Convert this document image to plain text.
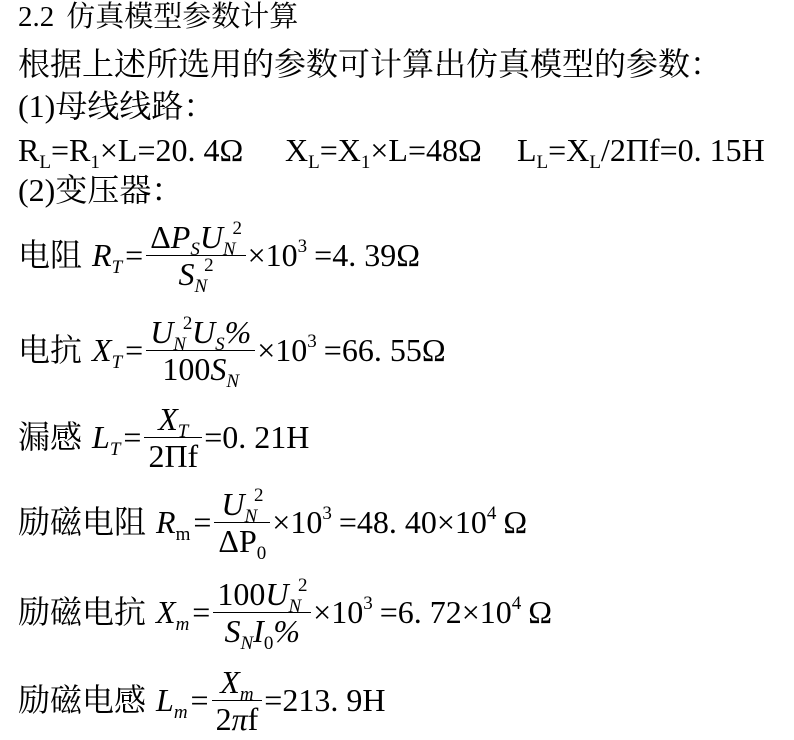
2.2 仿真模型参数计算
根据上述所选用的参数可计算出仿真模型的参数：
(1)母线线路：
R L = R 1 ×L=20. 4Ω X L = X 1 ×L=48Ω L L = X L /2Πf=0. 15H
(2)变压器：
电阻 R T = Δ P S U N
2
S N
2 ×10 3 =4. 39Ω
电抗 X T = U N
2 U S %
100 S N ×10 3 =66. 55Ω
漏感 L $T = \frac{\text{X T}}{2\Pi f} =0$. 21H
励磁电阻 R m = U N
2
ΔP 0 ×10 3 =48. 40×10 4 Ω
励磁电抗 X m = 100 U N
2
S N I 0 % ×10 3 =6. 72×10 4 Ω
励磁电感 L $m = \frac{\text{X m}}{\text{2 π f}} =213$. 9H
